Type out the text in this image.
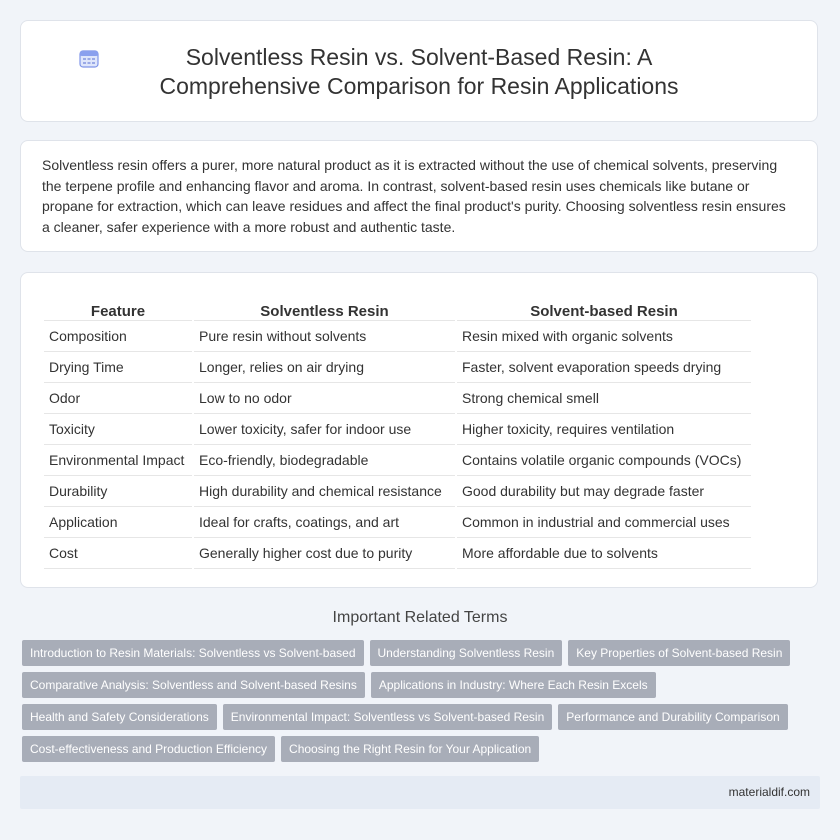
Solventless Resin vs. Solvent-Based Resin: A Comprehensive Comparison for Resin Applications

Solventless resin offers a purer, more natural product as it is extracted without the use of chemical solvents, preserving the terpene profile and enhancing flavor and aroma. In contrast, solvent-based resin uses chemicals like butane or propane for extraction, which can leave residues and affect the final product's purity. Choosing solventless resin ensures a cleaner, safer experience with a more robust and authentic taste.

Feature	Solventless Resin	Solvent-based Resin
Composition	Pure resin without solvents	Resin mixed with organic solvents
Drying Time	Longer, relies on air drying	Faster, solvent evaporation speeds drying
Odor	Low to no odor	Strong chemical smell
Toxicity	Lower toxicity, safer for indoor use	Higher toxicity, requires ventilation
Environmental Impact	Eco-friendly, biodegradable	Contains volatile organic compounds (VOCs)
Durability	High durability and chemical resistance	Good durability but may degrade faster
Application	Ideal for crafts, coatings, and art	Common in industrial and commercial uses
Cost	Generally higher cost due to purity	More affordable due to solvents
Important Related Terms
Introduction to Resin Materials: Solventless vs Solvent-based	Understanding Solventless Resin	Key Properties of Solvent-based Resin
Comparative Analysis: Solventless and Solvent-based Resins	Applications in Industry: Where Each Resin Excels
Health and Safety Considerations	Environmental Impact: Solventless vs Solvent-based Resin	Performance and Durability Comparison
Cost-effectiveness and Production Efficiency	Choosing the Right Resin for Your Application
materialdif.com
